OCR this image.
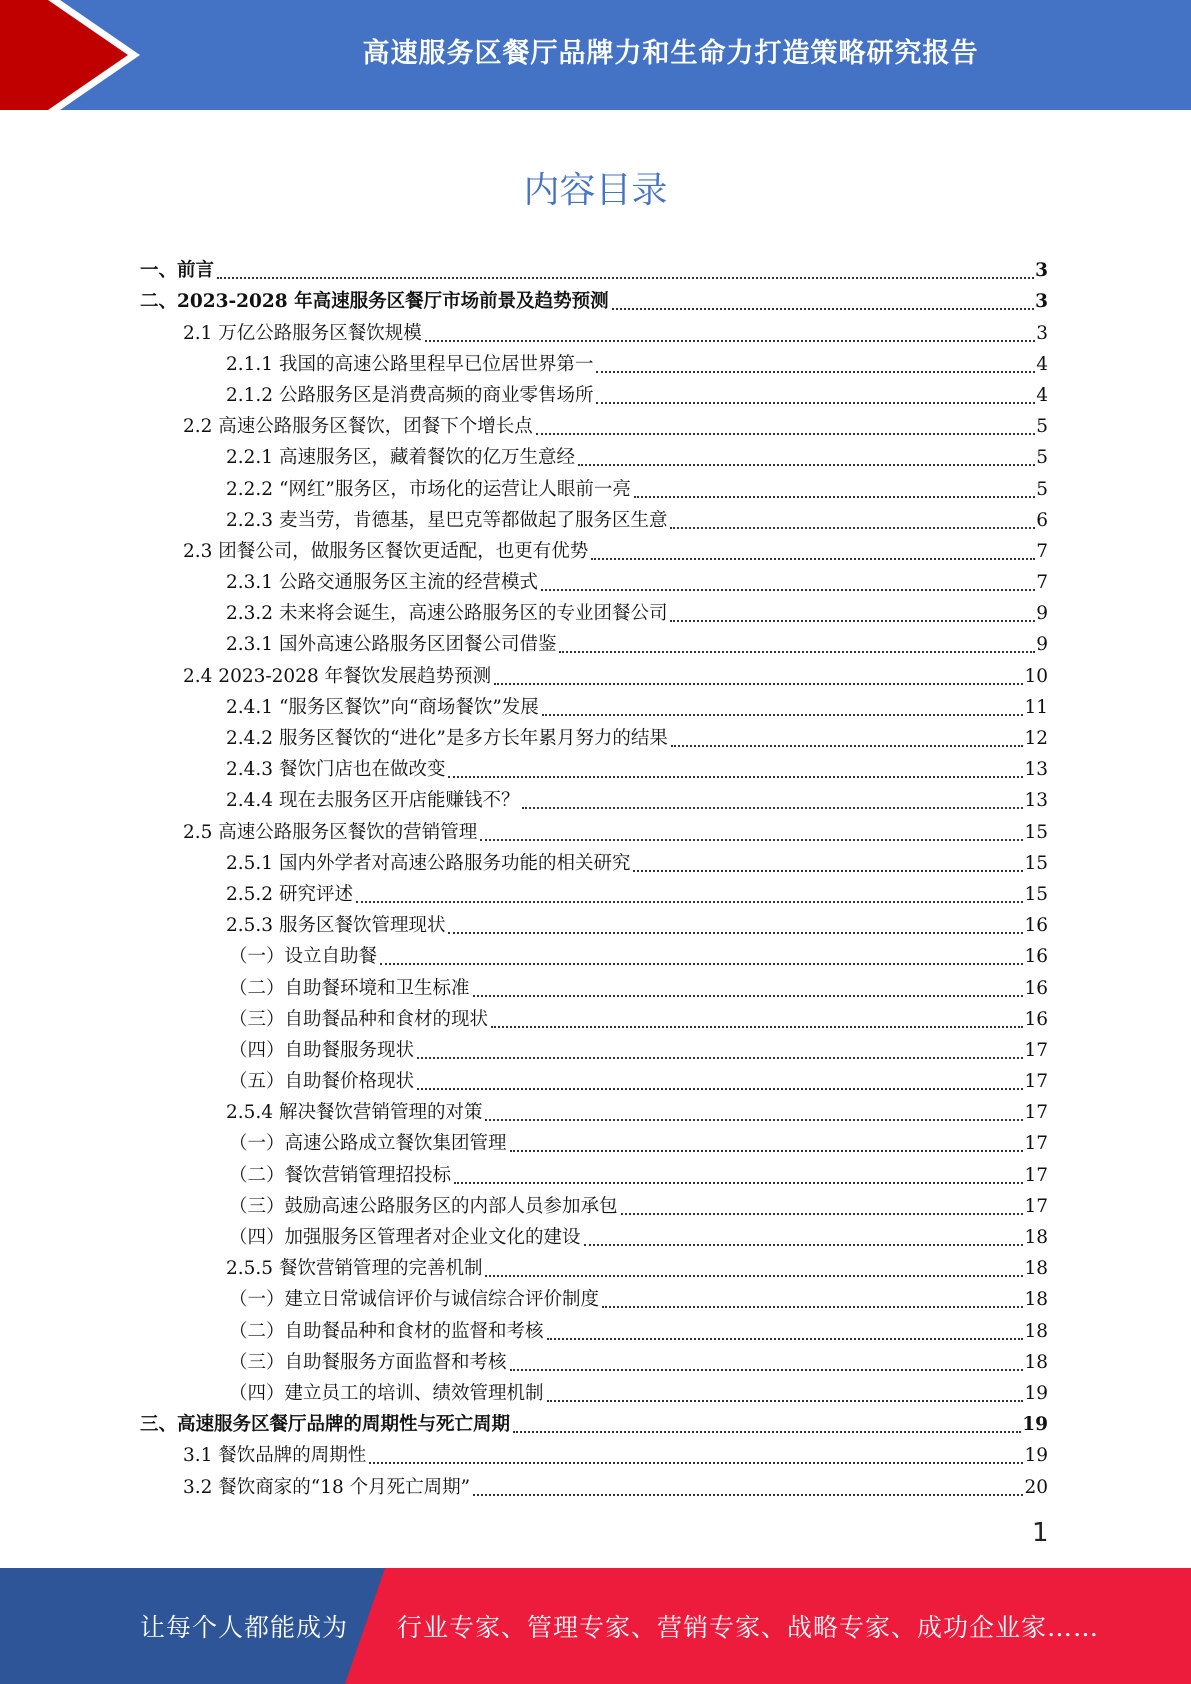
高速服务区餐厅品牌力和生命力打造策略研究报告
内容目录
一、前言	3
二、2023-2028 年高速服务区餐厅市场前景及趋势预测	3
2.1 万亿公路服务区餐饮规模	3
2.1.1 我国的高速公路里程早已位居世界第一	4
2.1.2 公路服务区是消费高频的商业零售场所	4
2.2 高速公路服务区餐饮，团餐下个增长点	5
2.2.1 高速服务区，藏着餐饮的亿万生意经	5
2.2.2 “网红”服务区，市场化的运营让人眼前一亮	5
2.2.3 麦当劳，肯德基，星巴克等都做起了服务区生意	6
2.3 团餐公司，做服务区餐饮更适配，也更有优势	7
2.3.1 公路交通服务区主流的经营模式	7
2.3.2 未来将会诞生，高速公路服务区的专业团餐公司	9
2.3.1 国外高速公路服务区团餐公司借鉴	9
2.4 2023-2028 年餐饮发展趋势预测	10
2.4.1 “服务区餐饮”向“商场餐饮”发展	11
2.4.2 服务区餐饮的“进化”是多方长年累月努力的结果	12
2.4.3 餐饮门店也在做改变	13
2.4.4 现在去服务区开店能赚钱不？	13
2.5 高速公路服务区餐饮的营销管理	15
2.5.1 国内外学者对高速公路服务功能的相关研究	15
2.5.2 研究评述	15
2.5.3 服务区餐饮管理现状	16
（一）设立自助餐	16
（二）自助餐环境和卫生标准	16
（三）自助餐品种和食材的现状	16
（四）自助餐服务现状	17
（五）自助餐价格现状	17
2.5.4 解决餐饮营销管理的对策	17
（一）高速公路成立餐饮集团管理	17
（二）餐饮营销管理招投标	17
（三）鼓励高速公路服务区的内部人员参加承包	17
（四）加强服务区管理者对企业文化的建设	18
2.5.5 餐饮营销管理的完善机制	18
（一）建立日常诚信评价与诚信综合评价制度	18
（二）自助餐品种和食材的监督和考核	18
（三）自助餐服务方面监督和考核	18
（四）建立员工的培训、绩效管理机制	19
三、高速服务区餐厅品牌的周期性与死亡周期	19
3.1 餐饮品牌的周期性	19
3.2 餐饮商家的“18 个月死亡周期”	20
1
让每个人都能成为 行业专家、管理专家、营销专家、战略专家、成功企业家……
